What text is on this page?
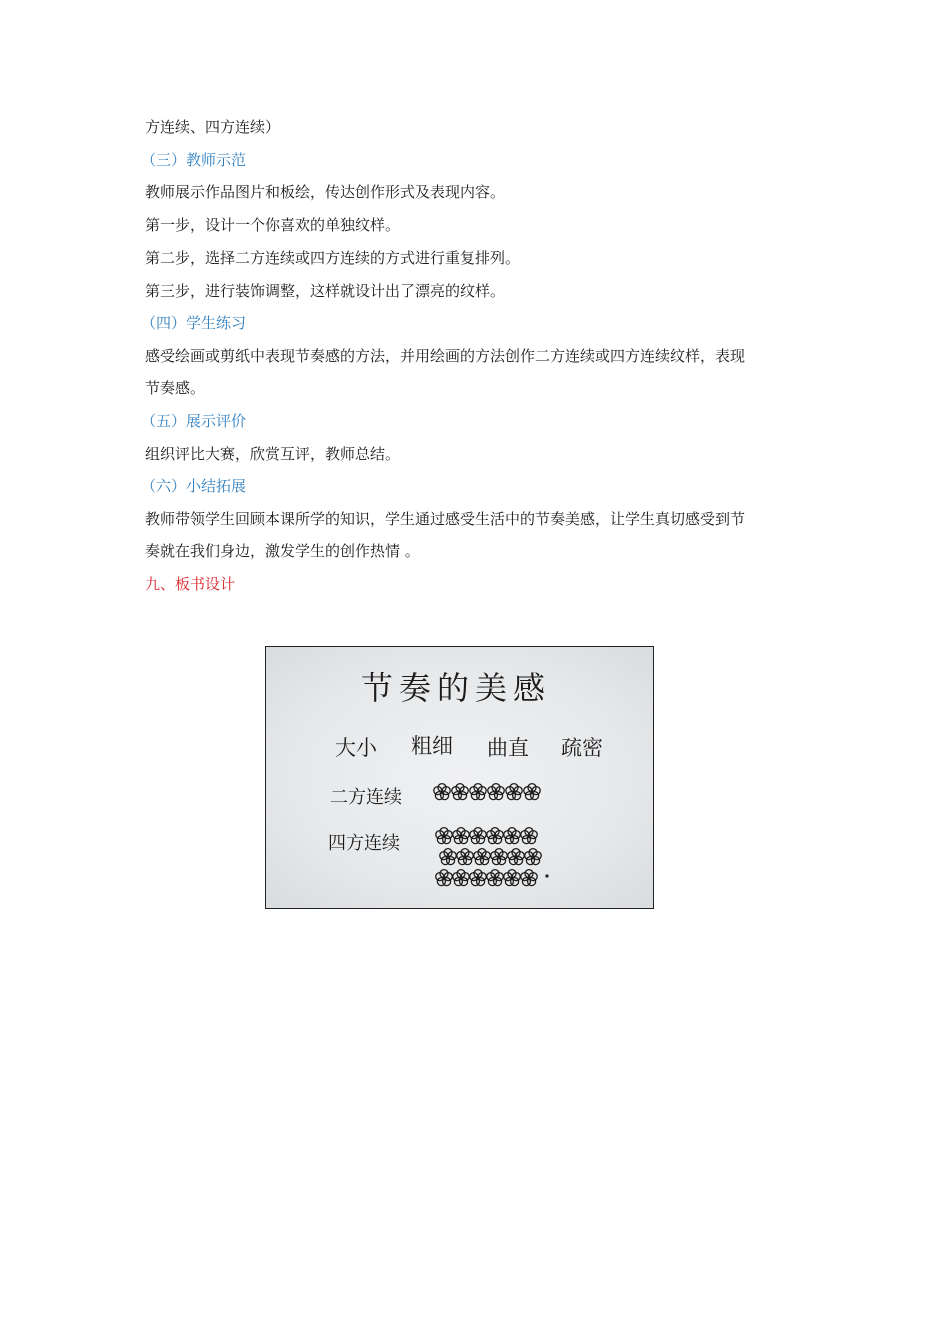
方连续、四方连续）
（三）教师示范
教师展示作品图片和板绘，传达创作形式及表现内容。
第一步，设计一个你喜欢的单独纹样。
第二步，选择二方连续或四方连续的方式进行重复排列。
第三步，进行装饰调整，这样就设计出了漂亮的纹样。
（四）学生练习
感受绘画或剪纸中表现节奏感的方法，并用绘画的方法创作二方连续或四方连续纹样，表现
节奏感。
（五）展示评价
组织评比大赛，欣赏互评，教师总结。
（六）小结拓展
教师带领学生回顾本课所学的知识，学生通过感受生活中的节奏美感，让学生真切感受到节
奏就在我们身边，激发学生的创作热情 。
九、板书设计
节奏的美感
大小 粗细 曲直 疏密
二方连续
四方连续
